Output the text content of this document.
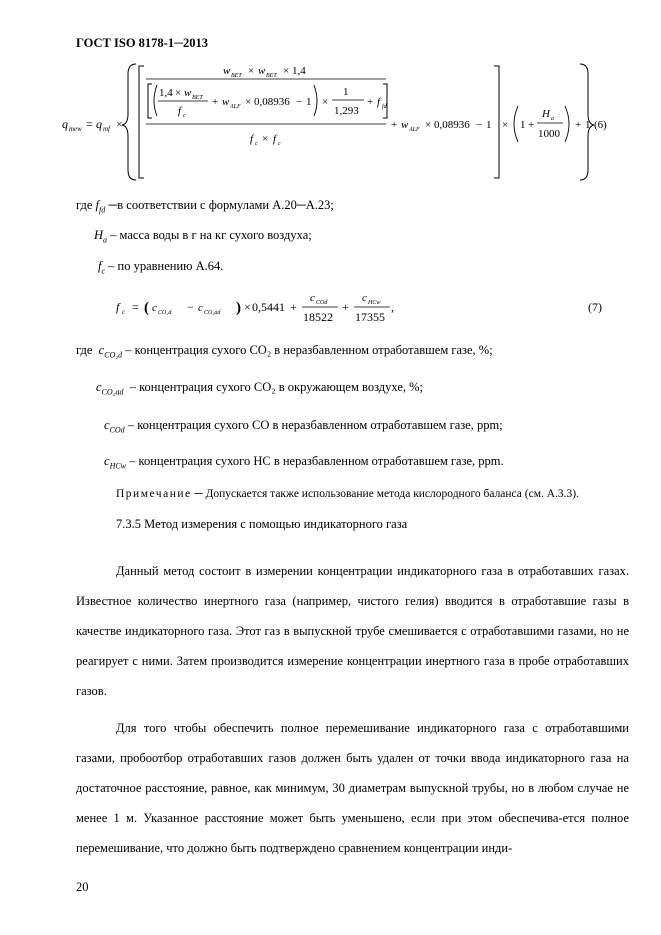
ГОСТ ISO 8178-1─2013
q mew = q mf ×
w BET × w BET × 1,4
1,4 × w BET
f c
+ w ALF × 0,08936 − 1 ×
1
1,293
+ f fd
f c × f c
+ w ALF × 0,08936 − 1 × 1 +
H a
1000
+ 1 (6)
где $f_{fd}$ ─в соответствии с формулами А.20─А.23;
$H_a$ – масса воды в г на кг сухого воздуха;
$f_c$ – по уравнению А.64.
f c = ( c CO₂d − c CO₂ad ) × 0,5441 +
c COd
18522
+
c HCw
17355
,	(7)
где $c_{CO_2d}$ – концентрация сухого СО₂ в неразбавленном отработавшем газе, %;
$c_{CO_2ad}$ – концентрация сухого СО₂ в окружающем воздухе, %;
$c_{COd}$ – концентрация сухого СО в неразбавленном отработавшем газе, ppm;
$c_{HCw}$ – концентрация сухого НС в неразбавленном отработавшем газе, ppm.
Примечание ─ Допускается также использование метода кислородного баланса (см. А.3.3).
7.3.5 Метод измерения с помощью индикаторного газа

Данный метод состоит в измерении концентрации индикаторного газа в отработавших газах. Известное количество инертного газа (например, чистого гелия) вводится в отработавшие газы в качестве индикаторного газа. Этот газ в выпускной трубе смешивается с отработавшими газами, но не реагирует с ними. Затем производится измерение концентрации инертного газа в пробе отработавших газов.

Для того чтобы обеспечить полное перемешивание индикаторного газа с отработавшими газами, пробоотбор отработавших газов должен быть удален от точки ввода индикаторного газа на достаточное расстояние, равное, как минимум, 30 диаметрам выпускной трубы, но в любом случае не менее 1 м. Указанное расстояние может быть уменьшено, если при этом обеспечива-ется полное перемешивание, что должно быть подтверждено сравнением концентрации инди-

20
